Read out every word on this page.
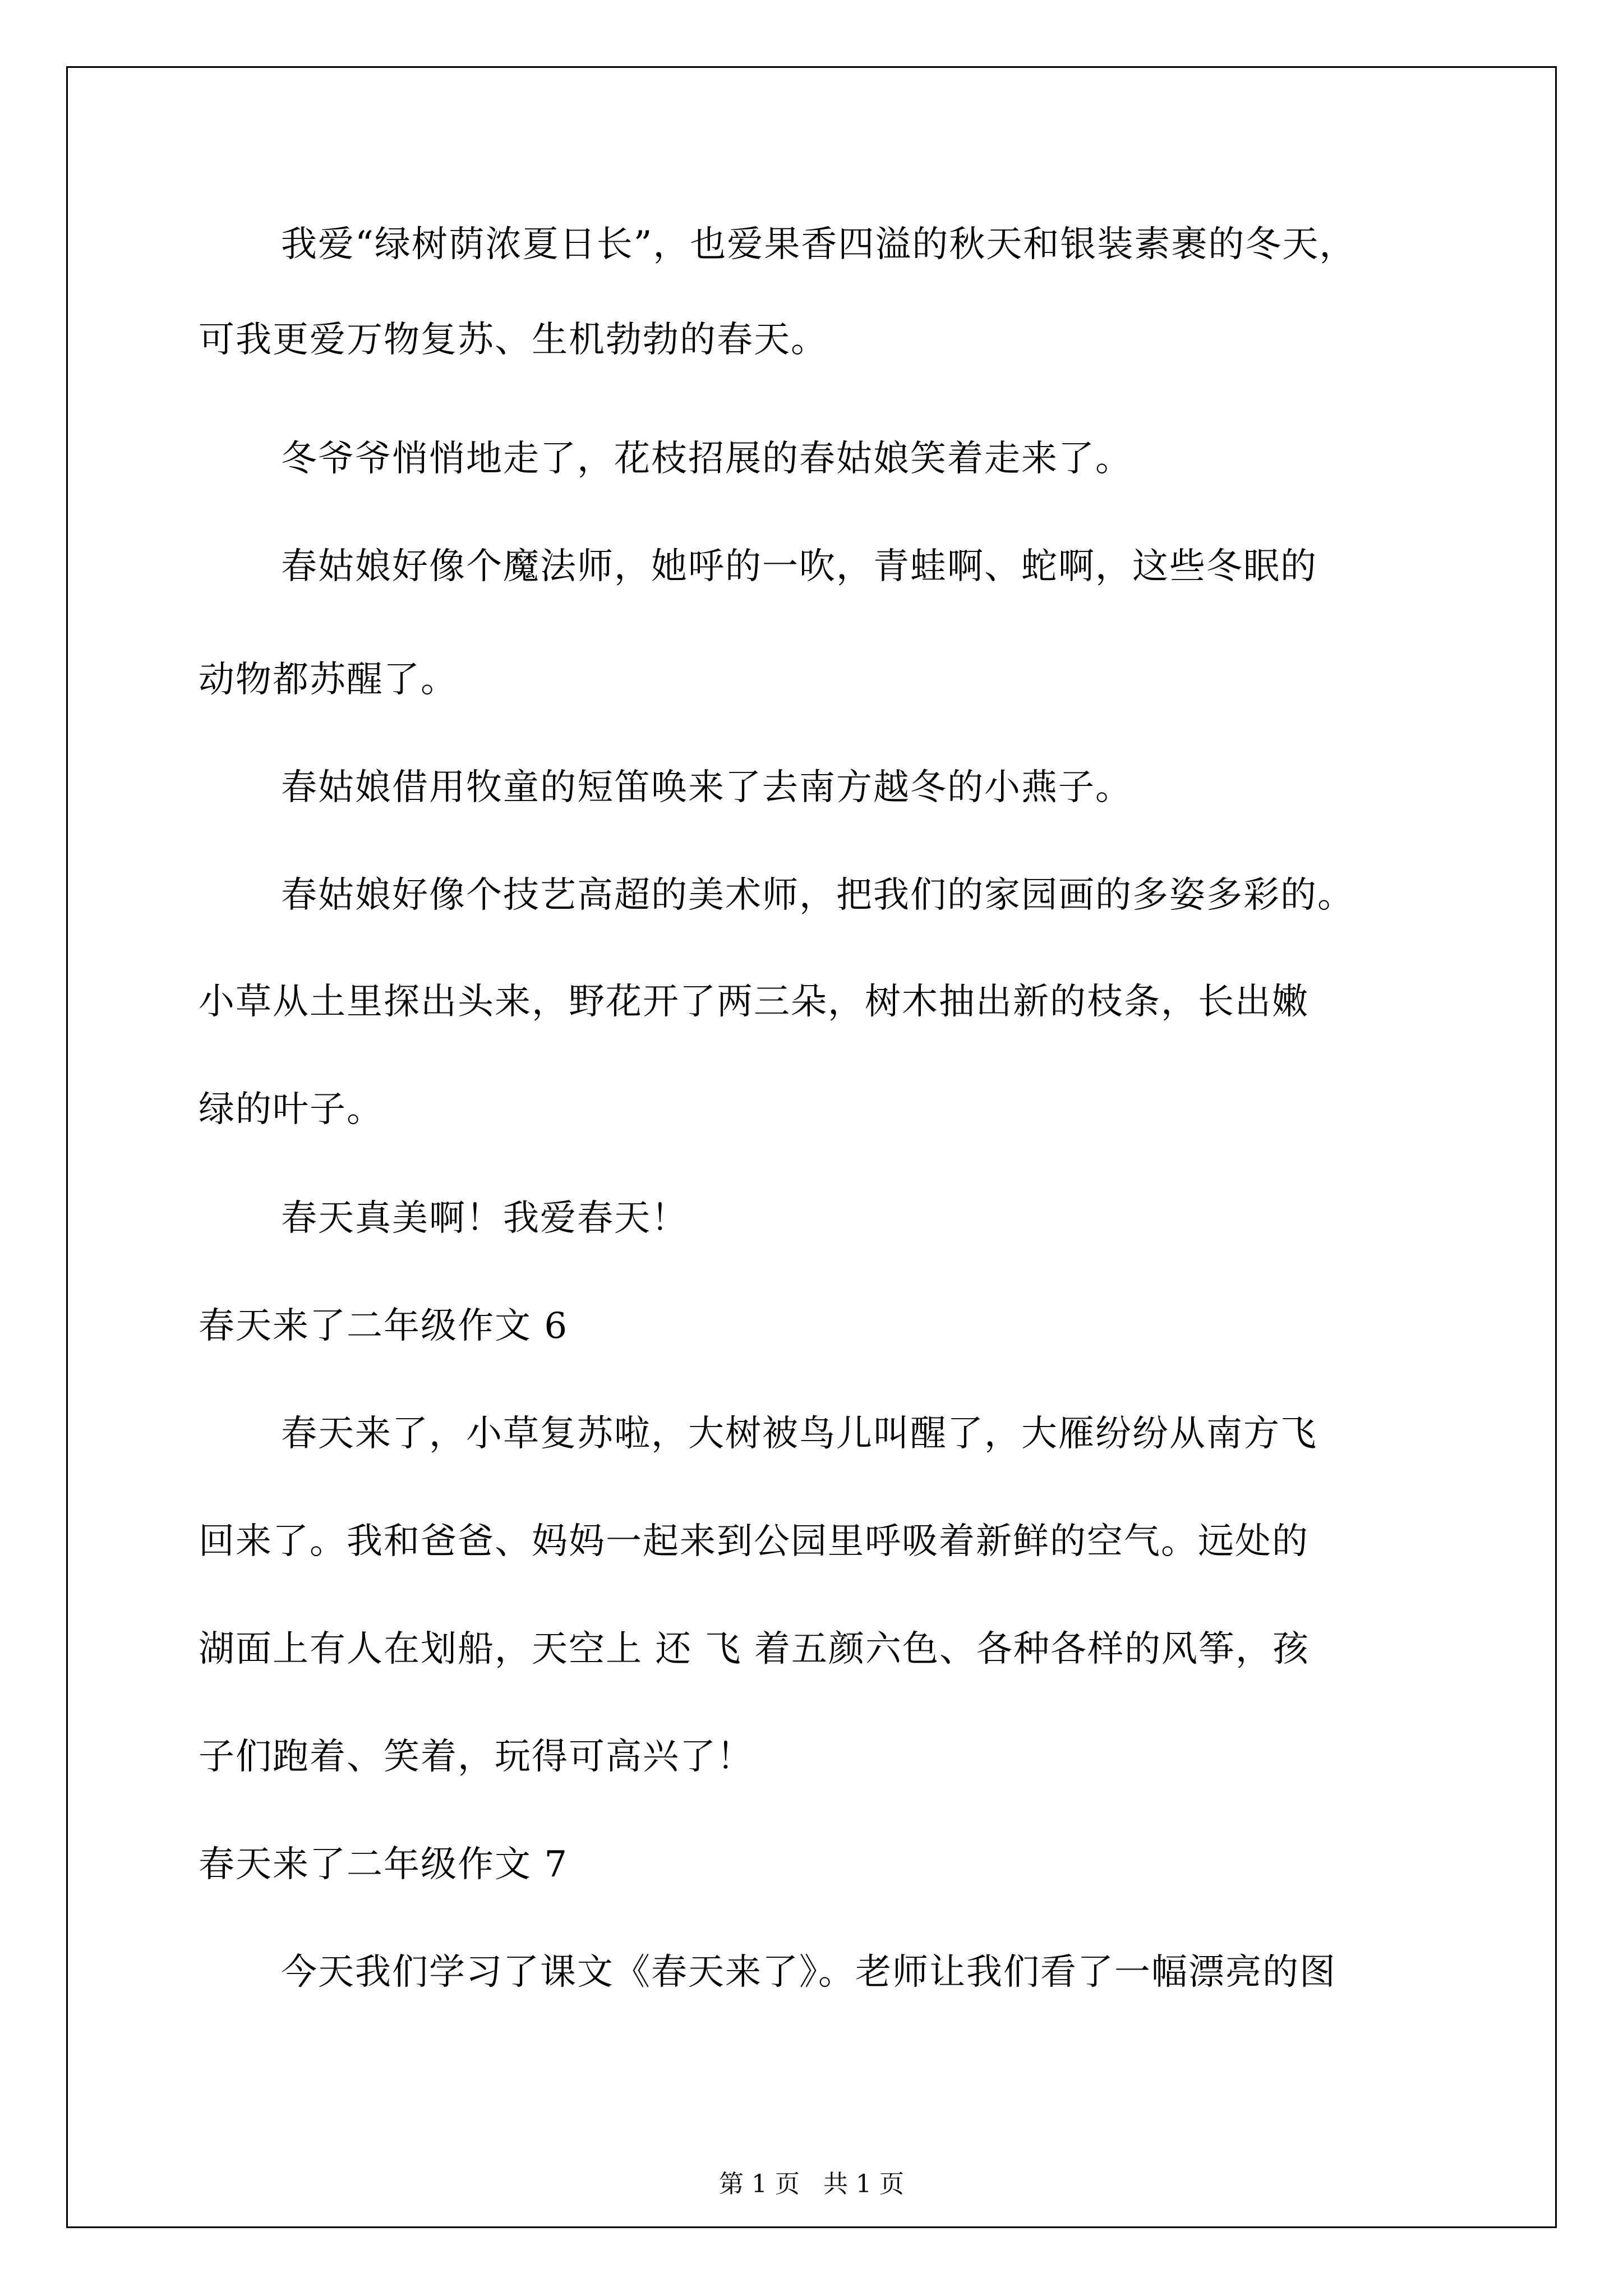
我爱“绿树荫浓夏日长”，也爱果香四溢的秋天和银装素裹的冬天，
可我更爱万物复苏、生机勃勃的春天。
冬爷爷悄悄地走了，花枝招展的春姑娘笑着走来了。
春姑娘好像个魔法师，她呼的一吹，青蛙啊、蛇啊，这些冬眠的
动物都苏醒了。
春姑娘借用牧童的短笛唤来了去南方越冬的小燕子。
春姑娘好像个技艺高超的美术师，把我们的家园画的多姿多彩的。
小草从土里探出头来，野花开了两三朵，树木抽出新的枝条，长出嫩
绿的叶子。
春天真美啊！我爱春天！
春天来了二年级作文 6
春天来了，小草复苏啦，大树被鸟儿叫醒了，大雁纷纷从南方飞
回来了。我和爸爸、妈妈一起来到公园里呼吸着新鲜的空气。远处的
湖面上有人在划船，天空上 还 飞 着五颜六色、各种各样的风筝，孩
子们跑着、笑着，玩得可高兴了！
春天来了二年级作文 7
今天我们学习了课文《春天来了》。老师让我们看了一幅漂亮的图
第 1 页   共 1 页
